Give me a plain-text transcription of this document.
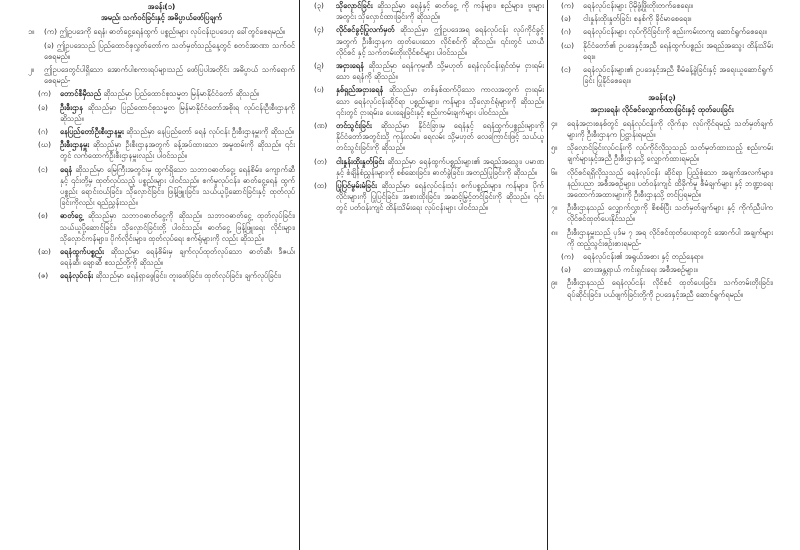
အခန်း(၁)
အမည်၊ သက်ဝင်ခြင်းနှင့် အဓိပ္ပာယ်ဖော်ပြချက်
၁။	(က) ဤဥပဒေကို ရေနံ၊ ဓာတ်ငွေ့ရေနံထွက် ပစ္စည်းများ လုပ်ငန်းဥပဒေဟု ခေါ်တွင်စေရမည်။
(ခ) ဤဥပဒေသည် ပြည်ထောင်စုလွှတ်တော်က သတ်မှတ်သည့်နေ့တွင် စတင်အာဏာ သက်ဝင်စေရမည်။
၂။	ဤဥပဒေတွင်ပါရှိသော အောက်ပါစကားရပ်များသည် ဖော်ပြပါအတိုင်း အဓိပ္ပာယ် သက်ရောက်စေရမည်-
(က)	တောင်စီမှီသည် ဆိုသည်မှာ ပြည်ထောင်စုသမ္မတ မြန်မာနိုင်ငံတော် ဆိုသည်။
(ခ)	ဦးစီးဌာန ဆိုသည်မှာ ပြည်ထောင်စုသမ္မတ မြန်မာနိုင်ငံတော်အစိုးရ လုပ်ငန်းဦးစီးဌာနကို ဆိုသည်။
(ဂ)	နေပြည်တော်ဦးစီးဌာနမှူး ဆိုသည်မှာ နေပြည်တော် ရေနံ လုပ်ငန်း ဦးစီးဌာနမှူးကို ဆိုသည်။
(ဃ)	ဦးစီးဌာနမှူး ဆိုသည်မှာ ဦးစီးဌာနအတွက် ခန့်အပ်ထားသော အမှုထမ်းကို ဆိုသည်။ ၎င်းတွင် လက်ထောက်ဦးစီးဌာနမှူးလည်း ပါဝင်သည်။
(င)	ရေနံ ဆိုသည်မှာ မြေကြီးအတွင်းမှ ထွက်ရှိသော သဘာဝဓာတ်ငွေ့၊ ရေနံစိမ်း၊ ကျောက်ဆီ နှင့် ၎င်းတို့မှ ထုတ်လုပ်သည့် ပစ္စည်းများ ပါဝင်သည်။ စက်မှုလုပ်ငန်း၊ ဓာတ်ငွေ့ရေနံ ထွက်ပစ္စည်း ရောင်းဝယ်ခြင်း၊ သိုလှောင်ခြင်း၊ ဖြန့်ဖြူးခြင်း၊ သယ်ယူပို့ဆောင်ခြင်းနှင့် ထုတ်လုပ်ခြင်းကိုလည်း ရည်ညွှန်းသည်။
(စ)	ဓာတ်ငွေ့ ဆိုသည်မှာ သဘာဝဓာတ်ငွေ့ကို ဆိုသည်။ သဘာဝဓာတ်ငွေ့ ထုတ်လုပ်ခြင်း၊ သယ်ယူပို့ဆောင်ခြင်း၊ သိုလှောင်ခြင်းတို့ ပါဝင်သည်။ ဓာတ်ငွေ့ ဖြန့်ဖြူးရေး လိုင်းများ၊ သိုလှောင်ကန်များ၊ ပိုက်လိုင်းများ၊ ထုတ်လုပ်ရေး စက်ရုံများကို လည်း ဆိုသည်။
(ဆ)	ရေနံထွက်ပစ္စည်း ဆိုသည်မှာ ရေနံစိမ်းမှ ချက်လုပ်ထုတ်လုပ်သော ဓာတ်ဆီ၊ ဒီဇယ်၊ ရေနံဆီ၊ ချောဆီ စသည်တို့ကို ဆိုသည်။
(ဇ)	ရေနံလုပ်ငန်း ဆိုသည်မှာ ရေနံရှာဖွေခြင်း၊ တူးဖော်ခြင်း၊ ထုတ်လုပ်ခြင်း၊ ချက်လုပ်ခြင်း၊
(၃)	သိုလှောင်ခြင်း ဆိုသည်မှာ ရေနံနှင့် ဓာတ်ငွေ့ ကို ကန်များ၊ စည်များ၊ ဗူးများအတွင်း သိုလှောင်ထားခြင်းကို ဆိုသည်။
(၄)	လိုင်စင်ခွင့်ပြုလက်မှတ် ဆိုသည်မှာ ဤဥပဒေအရ ရေနံလုပ်ငန်း လုပ်ကိုင်ခွင့်အတွက် ဦးစီးဌာနက ထုတ်ပေးသော လိုင်စင်ကို ဆိုသည်။ ၎င်းတွင် ယာယီလိုင်စင် နှင့် သက်တမ်းတိုးလိုင်စင်များ ပါဝင်သည်။
(ဍ)	အငှားရေနံ ဆိုသည်မှာ ရေနံကုမ္ပဏီ သို့မဟုတ် ရေနံလုပ်ငန်းရှင်ထံမှ ငှားရမ်းသော ရေနံကို ဆိုသည်။
(ဎ)	နှစ်ရှည်အငှားရေနံ ဆိုသည်မှာ တစ်နှစ်ထက်ပိုသော ကာလအတွက် ငှားရမ်းသော ရေနံလုပ်ငန်းဆိုင်ရာ ပစ္စည်းများ၊ ကန်များ၊ သိုလှောင်ရုံများကို ဆိုသည်။ ၎င်းတွင် ငှားရမ်းခ ပေးချေခြင်းနှင့် စည်းကမ်းချက်များ ပါဝင်သည်။
(ဏ)	တင်သွင်းခြင်း ဆိုသည်မှာ နိုင်ငံခြားမှ ရေနံနှင့် ရေနံထွက်ပစ္စည်းများကို နိုင်ငံတော်အတွင်းသို့ ကုန်းလမ်း၊ ရေလမ်း သို့မဟုတ် လေကြောင်းဖြင့် သယ်ယူတင်သွင်းခြင်းကို ဆိုသည်။
(တ)	ငါးနှုန်းထိုးနှုတ်ခြင်း ဆိုသည်မှာ ရေနံထွက်ပစ္စည်းများ၏ အရည်အသွေး၊ ပမာဏ နှင့် စံချိန်စံညွှန်းများကို စစ်ဆေးခြင်း၊ ဓာတ်ခွဲခြင်း၊ အတည်ပြုခြင်းကို ဆိုသည်။
(ထ)	ပြုပြင်မွမ်းမံခြင်း ဆိုသည်မှာ ရေနံလုပ်ငန်းသုံး စက်ပစ္စည်းများ၊ ကန်များ၊ ပိုက်လိုင်းများကို ပြုပြင်ခြင်း၊ အစားထိုးခြင်း၊ အဆင့်မြှင့်တင်ခြင်းကို ဆိုသည်။ ၎င်းတွင် ပတ်ဝန်းကျင် ထိန်းသိမ်းရေး လုပ်ငန်းများ ပါဝင်သည်။
(က)	ရေနံလုပ်ငန်းများ ပိုမိုဖွံ့ဖြိုးတိုးတက်စေရေး။
(ခ)	ငါးနှုန်းထိုးနှုတ်ခြင်း စနစ်ကို ခိုင်မာစေရေး။
(ဂ)	ရေနံလုပ်ငန်းများ လုပ်ကိုင်ခြင်းကို စည်းကမ်းတကျ ဆောင်ရွက်စေရေး။
(ဃ)	နိုင်ငံတော်၏ ဥပဒေနှင့်အညီ ရေနံထွက်ပစ္စည်း အရည်အသွေး ထိန်းသိမ်းရေး။
(င)	ရေနံလုပ်ငန်းများ၏ ဥပဒေနှင့်အညီ စီမံခန့်ခွဲခြင်းနှင့် အရေးယူဆောင်ရွက်ခြင်း ပြုနိုင်စေရေး။
အခန်း(၃)
အငှားရေနံ၊ လိုင်စင်လျှောက်ထားခြင်းနှင့် ထုတ်ပေးခြင်း
၄။	ရေနံအငှားစနစ်တွင် ရေနံလုပ်ငန်းကို လိုက်နာ လုပ်ကိုင်ရမည့် သတ်မှတ်ချက်များကို ဦးစီးဌာနက ပြဋ္ဌာန်းရမည်။
၅။	သိုလှောင်ခြင်းလုပ်ငန်းကို လုပ်ကိုင်လိုသူသည် သတ်မှတ်ထားသည့် စည်းကမ်းချက်များနှင့်အညီ ဦးစီးဌာနသို့ လျှောက်ထားရမည်။
၆။	လိုင်စင်ရရှိလိုသူသည် ရေနံလုပ်ငန်း ဆိုင်ရာ ပြည့်စုံသော အချက်အလက်များ၊ နည်းပညာ အစီအစဉ်များ၊ ပတ်ဝန်းကျင် ထိခိုက်မှု စီမံချက်များ နှင့် ဘဏ္ဍာရေး အထောက်အထားများကို ဦးစီးဌာနသို့ တင်ပြရမည်။
၇။	ဦးစီးဌာနသည် လျှောက်လွှာကို စိစစ်ပြီး သတ်မှတ်ချက်များ နှင့် ကိုက်ညီပါက လိုင်စင်ထုတ်ပေးနိုင်သည်။
၈။	ဦးစီးဌာနမှူးသည် ပုဒ်မ ၇ အရ လိုင်စင်ထုတ်ပေးရာတွင် အောက်ပါ အချက်များ ကို ထည့်သွင်းစဉ်းစားရမည်-
(က)	ရေနံလုပ်ငန်း၏ အရွယ်အစား နှင့် တည်နေရာ။
(ခ)	ဘေးအန္တရာယ် ကင်းရှင်းရေး အစီအစဉ်များ။
၉။	ဦးစီးဌာနသည် ရေနံလုပ်ငန်း လိုင်စင် ထုတ်ပေးခြင်း၊ သက်တမ်းတိုးခြင်း၊ ရပ်ဆိုင်းခြင်း၊ ပယ်ဖျက်ခြင်းတို့ကို ဥပဒေနှင့်အညီ ဆောင်ရွက်ရမည်။
